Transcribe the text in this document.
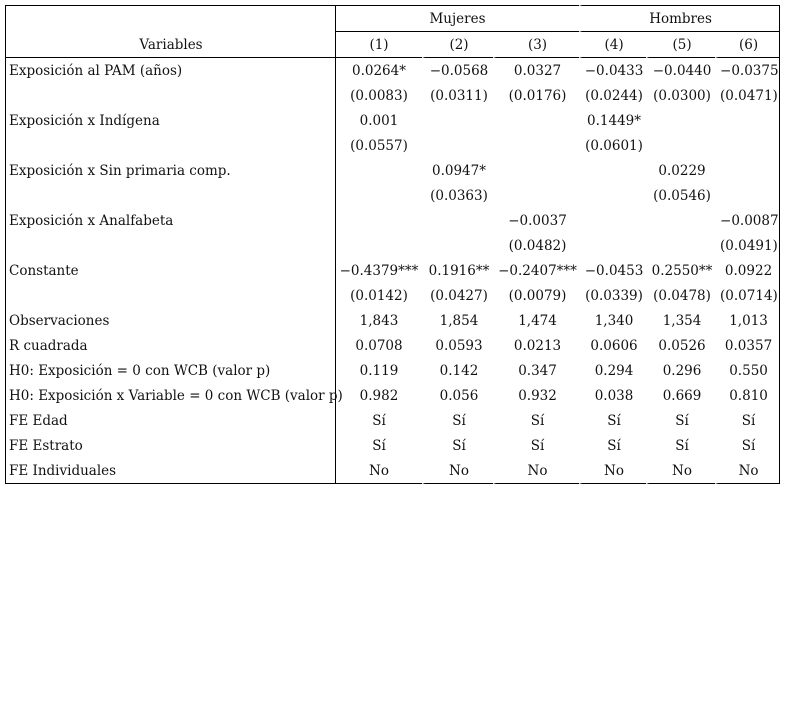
	Mujeres			Hombres		
Variables	(1)	(2)	(3)	(4)	(5)	(6)
Exposición al PAM (años)	0.0264*	−0.0568	0.0327	−0.0433	−0.0440	−0.0375
	(0.0083)	(0.0311)	(0.0176)	(0.0244)	(0.0300)	(0.0471)
Exposición x Indígena	0.001			0.1449*		
	(0.0557)			(0.0601)		
Exposición x Sin primaria comp.		0.0947*			0.0229	
		(0.0363)			(0.0546)	
Exposición x Analfabeta			−0.0037			−0.0087
			(0.0482)			(0.0491)
Constante	−0.4379***	0.1916**	−0.2407***	−0.0453	0.2550**	0.0922
	(0.0142)	(0.0427)	(0.0079)	(0.0339)	(0.0478)	(0.0714)
Observaciones	1,843	1,854	1,474	1,340	1,354	1,013
R cuadrada	0.0708	0.0593	0.0213	0.0606	0.0526	0.0357
H0: Exposición = 0 con WCB (valor p)	0.119	0.142	0.347	0.294	0.296	0.550
H0: Exposición x Variable = 0 con WCB (valor p)	0.982	0.056	0.932	0.038	0.669	0.810
FE Edad	Sí	Sí	Sí	Sí	Sí	Sí
FE Estrato	Sí	Sí	Sí	Sí	Sí	Sí
FE Individuales	No	No	No	No	No	No
